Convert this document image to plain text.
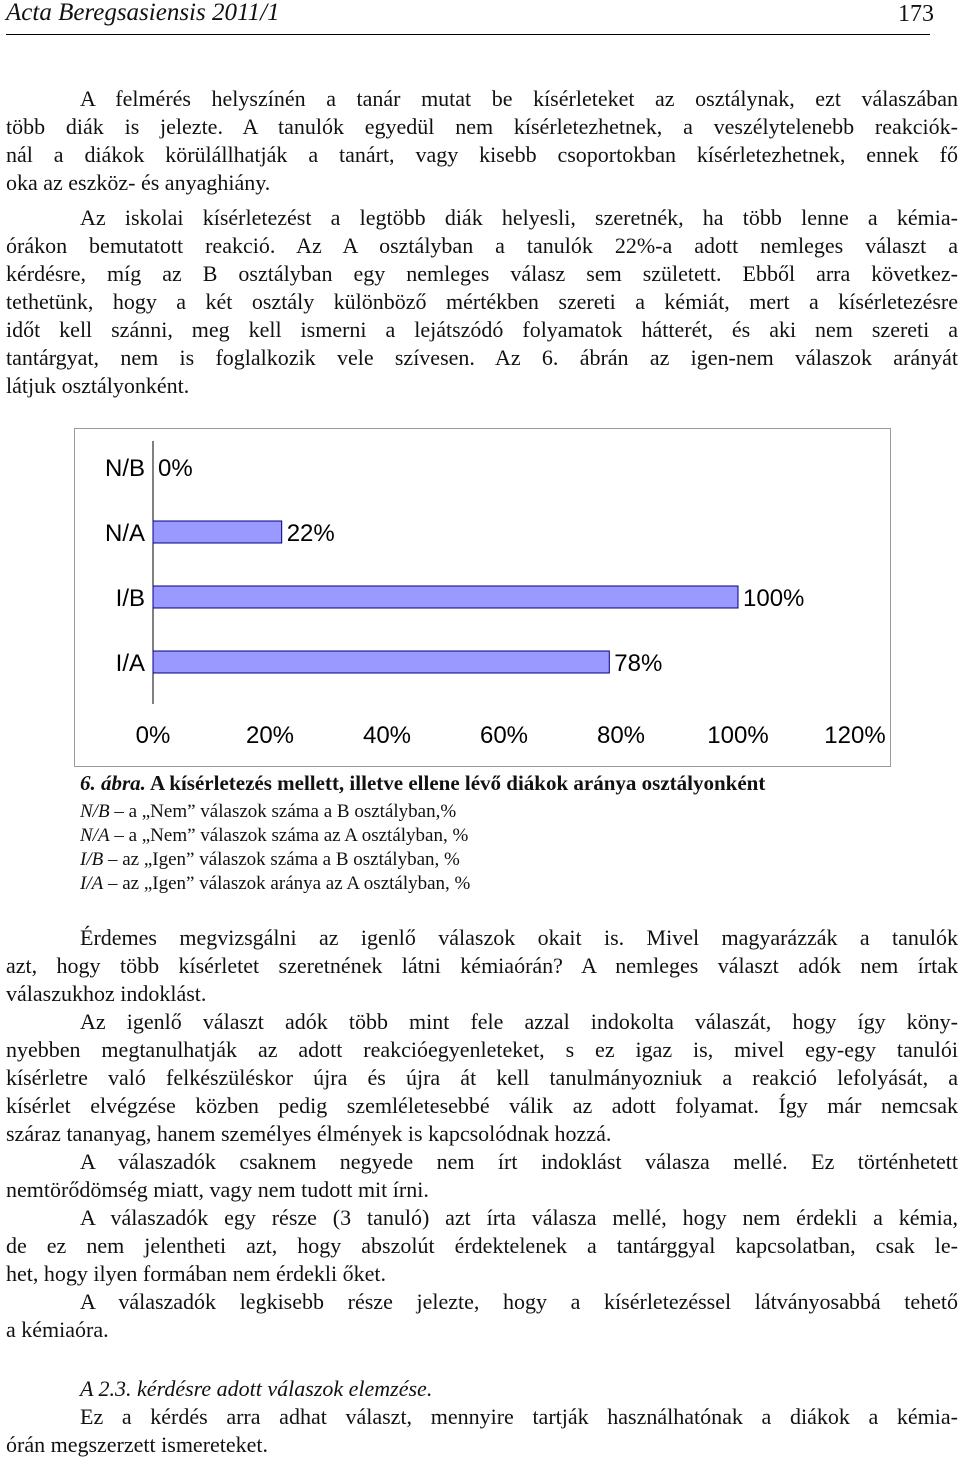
Acta Beregsasiensis 2011/1	173
A felmérés helyszínén a tanár mutat be kísérleteket az osztálynak, ezt válaszában
több diák is jelezte. A tanulók egyedül nem kísérletezhetnek, a veszélytelenebb reakciók-
nál a diákok körülállhatják a tanárt, vagy kisebb csoportokban kísérletezhetnek, ennek fő
oka az eszköz- és anyaghiány.
Az iskolai kísérletezést a legtöbb diák helyesli, szeretnék, ha több lenne a kémia-
órákon bemutatott reakció. Az A osztályban a tanulók 22%-a adott nemleges választ a
kérdésre, míg az B osztályban egy nemleges válasz sem született. Ebből arra következ-
tethetünk, hogy a két osztály különböző mértékben szereti a kémiát, mert a kísérletezésre
időt kell szánni, meg kell ismerni a lejátszódó folyamatok hátterét, és aki nem szereti a
tantárgyat, nem is foglalkozik vele szívesen. Az 6. ábrán az igen-nem válaszok arányát
látjuk osztályonként.
N/B 0%
N/A	22%
I/B	100%
I/A	78%
0%	20%	40%	60%	80%	100% 120%
6. ábra. A kísérletezés mellett, illetve ellene lévő diákok aránya osztályonként
N/B – a „Nem” válaszok száma a B osztályban,%
N/A – a „Nem” válaszok száma az A osztályban, %
I/B – az „Igen” válaszok száma a B osztályban, %
I/A – az „Igen” válaszok aránya az A osztályban, %
Érdemes megvizsgálni az igenlő válaszok okait is. Mivel magyarázzák a tanulók
azt, hogy több kísérletet szeretnének látni kémiaórán? A nemleges választ adók nem írtak
válaszukhoz indoklást.
Az igenlő választ adók több mint fele azzal indokolta válaszát, hogy így köny-
nyebben megtanulhatják az adott reakcióegyenleteket, s ez igaz is, mivel egy-egy tanulói
kísérletre való felkészüléskor újra és újra át kell tanulmányozniuk a reakció lefolyását, a
kísérlet elvégzése közben pedig szemléletesebbé válik az adott folyamat. Így már nemcsak
száraz tananyag, hanem személyes élmények is kapcsolódnak hozzá.
A válaszadók csaknem negyede nem írt indoklást válasza mellé. Ez történhetett
nemtörődömség miatt, vagy nem tudott mit írni.
A válaszadók egy része (3 tanuló) azt írta válasza mellé, hogy nem érdekli a kémia,
de ez nem jelentheti azt, hogy abszolút érdektelenek a tantárggyal kapcsolatban, csak le-
het, hogy ilyen formában nem érdekli őket.
A válaszadók legkisebb része jelezte, hogy a kísérletezéssel látványosabbá tehető
a kémiaóra.
A 2.3. kérdésre adott válaszok elemzése.
Ez a kérdés arra adhat választ, mennyire tartják használhatónak a diákok a kémia-
órán megszerzett ismereteket.
